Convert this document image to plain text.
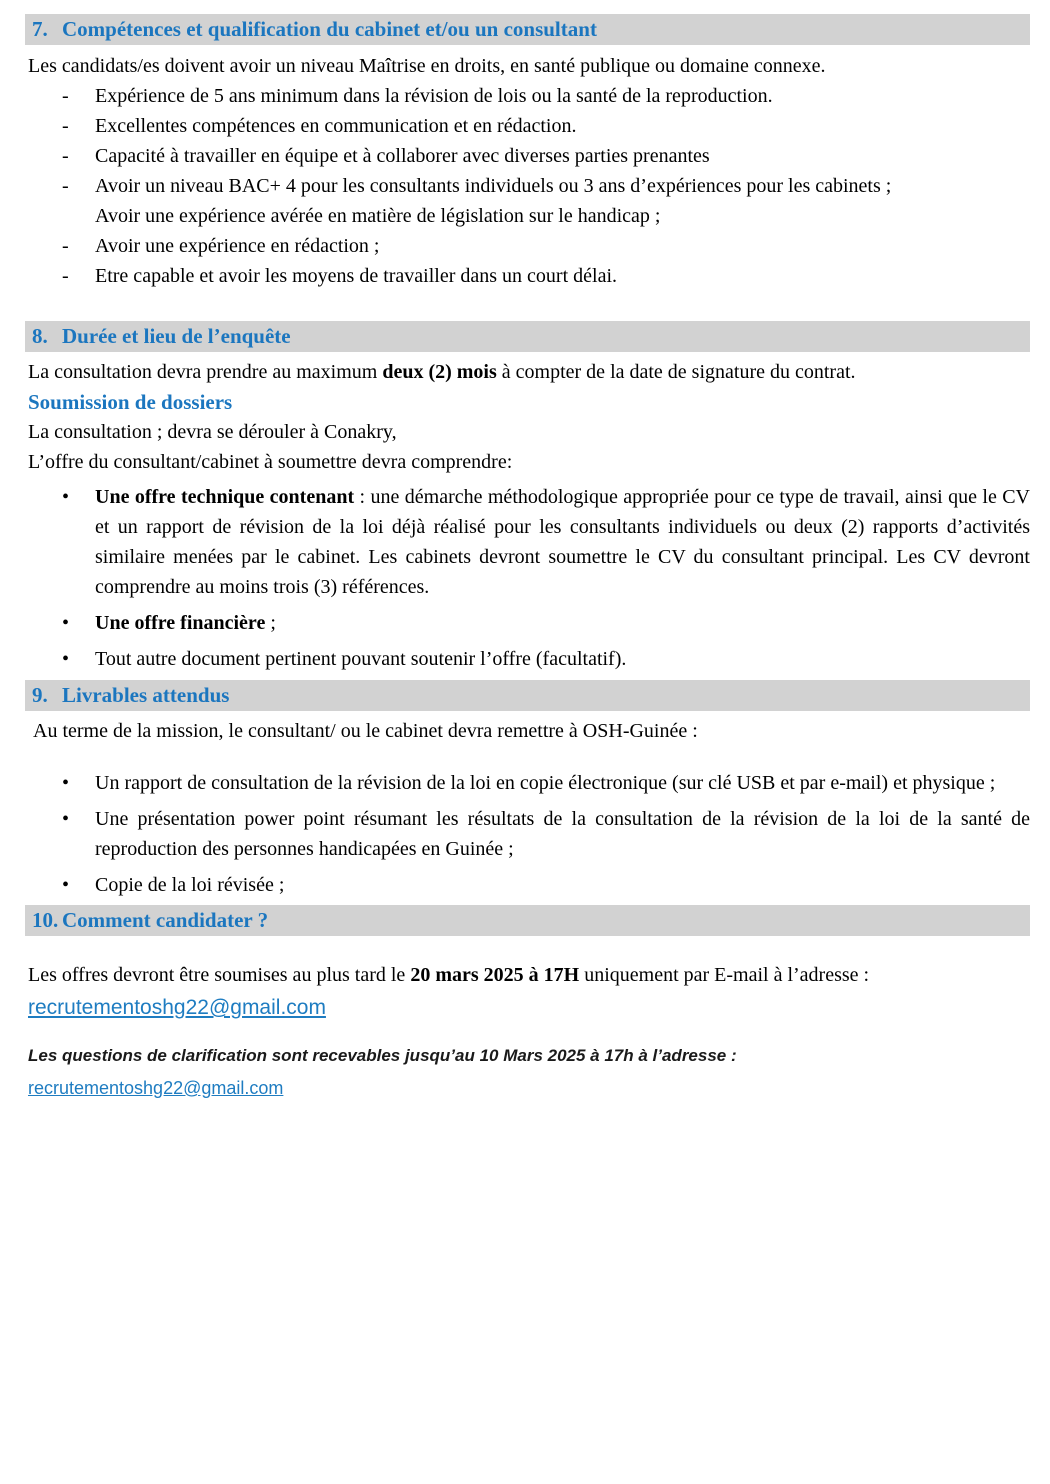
7. Compétences et qualification du cabinet et/ou un consultant

Les candidats/es doivent avoir un niveau Maîtrise en droits, en santé publique ou domaine connexe.

-	Expérience de 5 ans minimum dans la révision de lois ou la santé de la reproduction.
-	Excellentes compétences en communication et en rédaction.
-	Capacité à travailler en équipe et à collaborer avec diverses parties prenantes
-	Avoir un niveau BAC+ 4 pour les consultants individuels ou 3 ans d’expériences pour les cabinets ;
Avoir une expérience avérée en matière de législation sur le handicap ;
-	Avoir une expérience en rédaction ;
-	Etre capable et avoir les moyens de travailler dans un court délai.
8. Durée et lieu de l’enquête

La consultation devra prendre au maximum deux (2) mois à compter de la date de signature du contrat.

Soumission de dossiers

La consultation ; devra se dérouler à Conakry,

L’offre du consultant/cabinet à soumettre devra comprendre:

•	Une offre technique contenant : une démarche méthodologique appropriée pour ce type de travail, ainsi que le CV et un rapport de révision de la loi déjà réalisé pour les consultants individuels ou deux (2) rapports d’activités similaire menées par le cabinet. Les cabinets devront soumettre le CV du consultant principal. Les CV devront comprendre au moins trois (3) références.
•	Une offre financière ;
•	Tout autre document pertinent pouvant soutenir l’offre (facultatif).
9. Livrables attendus

Au terme de la mission, le consultant/ ou le cabinet devra remettre à OSH-Guinée :

•	Un rapport de consultation de la révision de la loi en copie électronique (sur clé USB et par e-mail) et physique ;
•	Une présentation power point résumant les résultats de la consultation de la révision de la loi de la santé de reproduction des personnes handicapées en Guinée ;
•	Copie de la loi révisée ;
10. Comment candidater ?

Les offres devront être soumises au plus tard le 20 mars 2025 à 17H uniquement par E-mail à l’adresse :

recrutementoshg22@gmail.com

Les questions de clarification sont recevables jusqu’au 10 Mars 2025 à 17h à l’adresse :

recrutementoshg22@gmail.com
